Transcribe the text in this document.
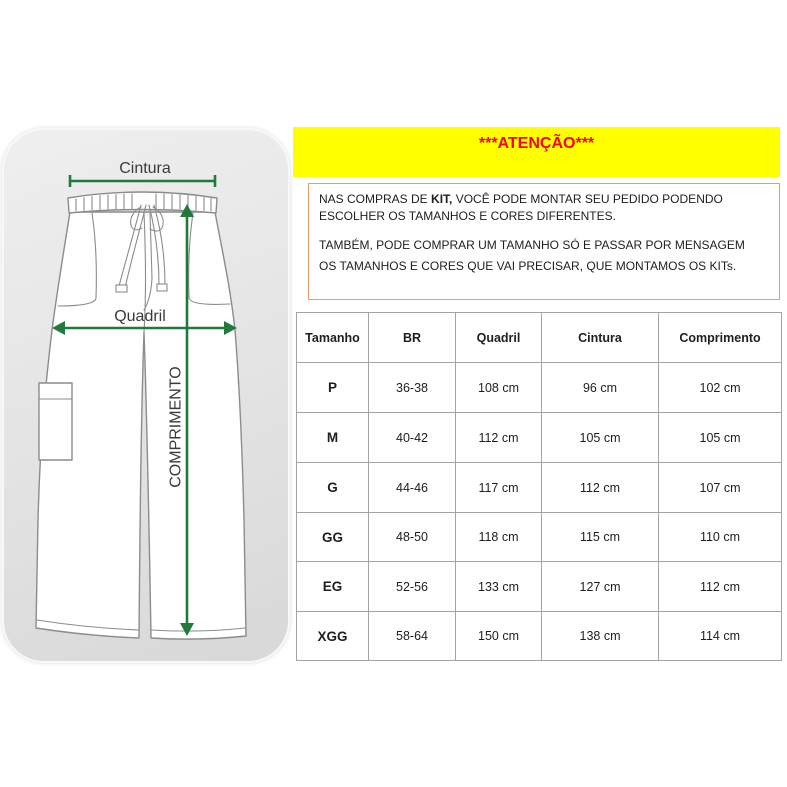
Cintura
Quadril
COMPRIMENTO
***ATENÇÃO***

NAS COMPRAS DE KIT, VOCÊ PODE MONTAR SEU PEDIDO PODENDO
ESCOLHER OS TAMANHOS E CORES DIFERENTES.

TAMBÉM, PODE COMPRAR UM TAMANHO SÓ E PASSAR POR MENSAGEM
OS TAMANHOS E CORES QUE VAI PRECISAR, QUE MONTAMOS OS KITs.

Tamanho	BR	Quadril	Cintura	Comprimento
P	36-38	108 cm	96 cm	102 cm
M	40-42	112 cm	105 cm	105 cm
G	44-46	117 cm	112 cm	107 cm
GG	48-50	118 cm	115 cm	110 cm
EG	52-56	133 cm	127 cm	112 cm
XGG	58-64	150 cm	138 cm	114 cm
